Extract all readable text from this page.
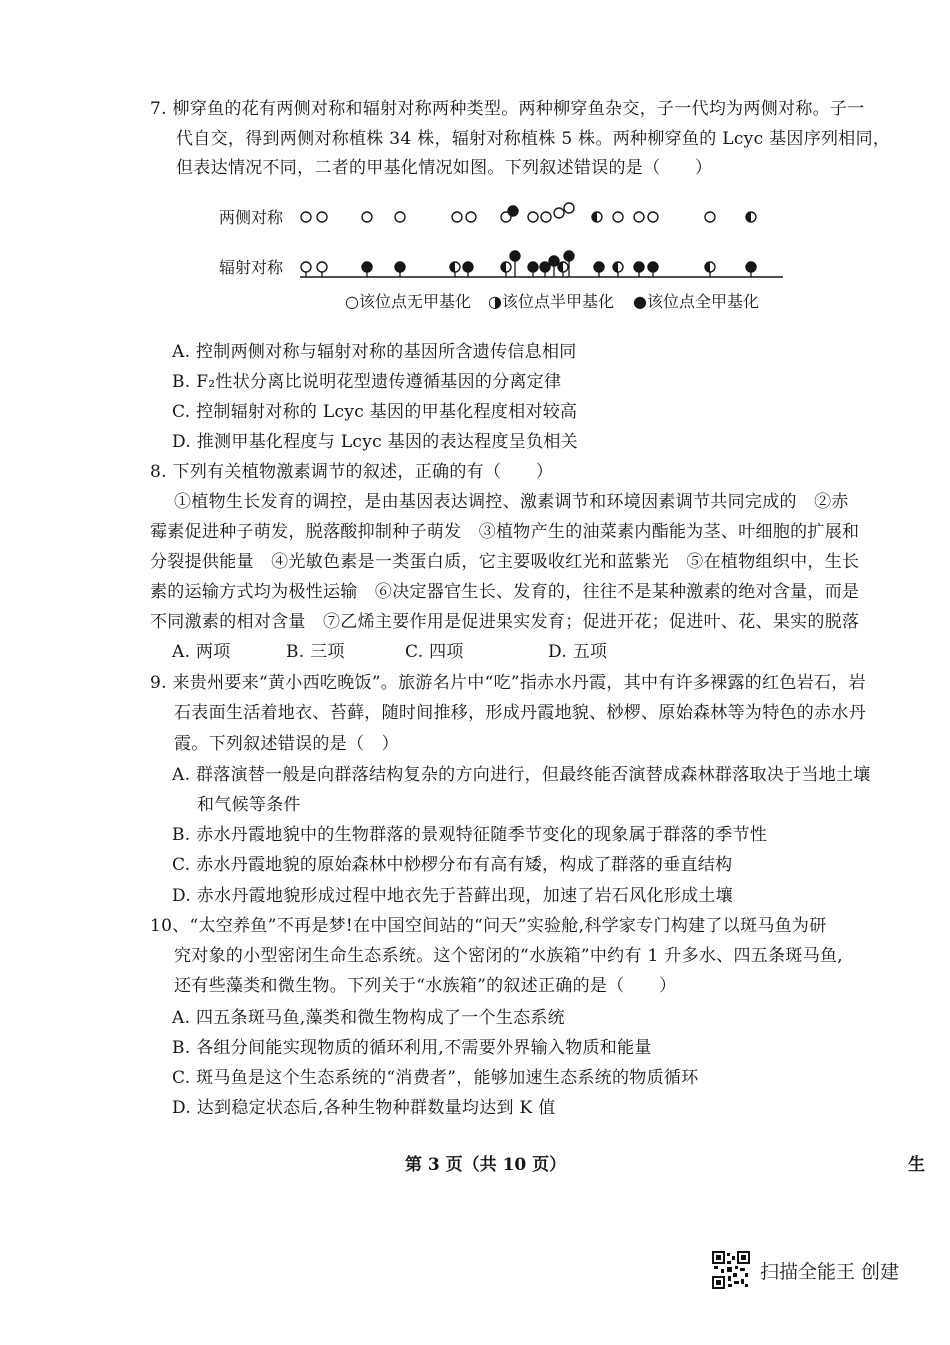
7. 柳穿鱼的花有两侧对称和辐射对称两种类型。两种柳穿鱼杂交，子一代均为两侧对称。子一
代自交，得到两侧对称植株 34 株，辐射对称植株 5 株。两种柳穿鱼的 Lcyc 基因序列相同，
但表达情况不同，二者的甲基化情况如图。下列叙述错误的是（　　）
两侧对称
辐射对称
○该位点无甲基化 ◑该位点半甲基化 ●该位点全甲基化
A. 控制两侧对称与辐射对称的基因所含遗传信息相同
B. F₂性状分离比说明花型遗传遵循基因的分离定律
C. 控制辐射对称的 Lcyc 基因的甲基化程度相对较高
D. 推测甲基化程度与 Lcyc 基因的表达程度呈负相关
8. 下列有关植物激素调节的叙述，正确的有（　　）
①植物生长发育的调控，是由基因表达调控、激素调节和环境因素调节共同完成的　②赤
霉素促进种子萌发，脱落酸抑制种子萌发　③植物产生的油菜素内酯能为茎、叶细胞的扩展和
分裂提供能量　④光敏色素是一类蛋白质，它主要吸收红光和蓝紫光　⑤在植物组织中，生长
素的运输方式均为极性运输　⑥决定器官生长、发育的，往往不是某种激素的绝对含量，而是
不同激素的相对含量　⑦乙烯主要作用是促进果实发育；促进开花；促进叶、花、果实的脱落
A. 两项	B. 三项	C. 四项	D. 五项
9. 来贵州要来“黄小西吃晚饭”。旅游名片中“吃”指赤水丹霞，其中有许多裸露的红色岩石，岩
石表面生活着地衣、苔藓，随时间推移，形成丹霞地貌、桫椤、原始森林等为特色的赤水丹
霞。下列叙述错误的是（　）
A. 群落演替一般是向群落结构复杂的方向进行，但最终能否演替成森林群落取决于当地土壤
和气候等条件
B. 赤水丹霞地貌中的生物群落的景观特征随季节变化的现象属于群落的季节性
C. 赤水丹霞地貌的原始森林中桫椤分布有高有矮，构成了群落的垂直结构
D. 赤水丹霞地貌形成过程中地衣先于苔藓出现，加速了岩石风化形成土壤
10、“太空养鱼”不再是梦!在中国空间站的“问天”实验舱,科学家专门构建了以斑马鱼为研
究对象的小型密闭生命生态系统。这个密闭的“水族箱”中约有 1 升多水、四五条斑马鱼,
还有些藻类和微生物。下列关于“水族箱”的叙述正确的是（　　）
A. 四五条斑马鱼,藻类和微生物构成了一个生态系统
B. 各组分间能实现物质的循环利用,不需要外界输入物质和能量
C. 斑马鱼是这个生态系统的“消费者”，能够加速生态系统的物质循环
D. 达到稳定状态后,各种生物种群数量均达到 K 值
第 3 页（共 10 页）	生
扫描全能王 创建
